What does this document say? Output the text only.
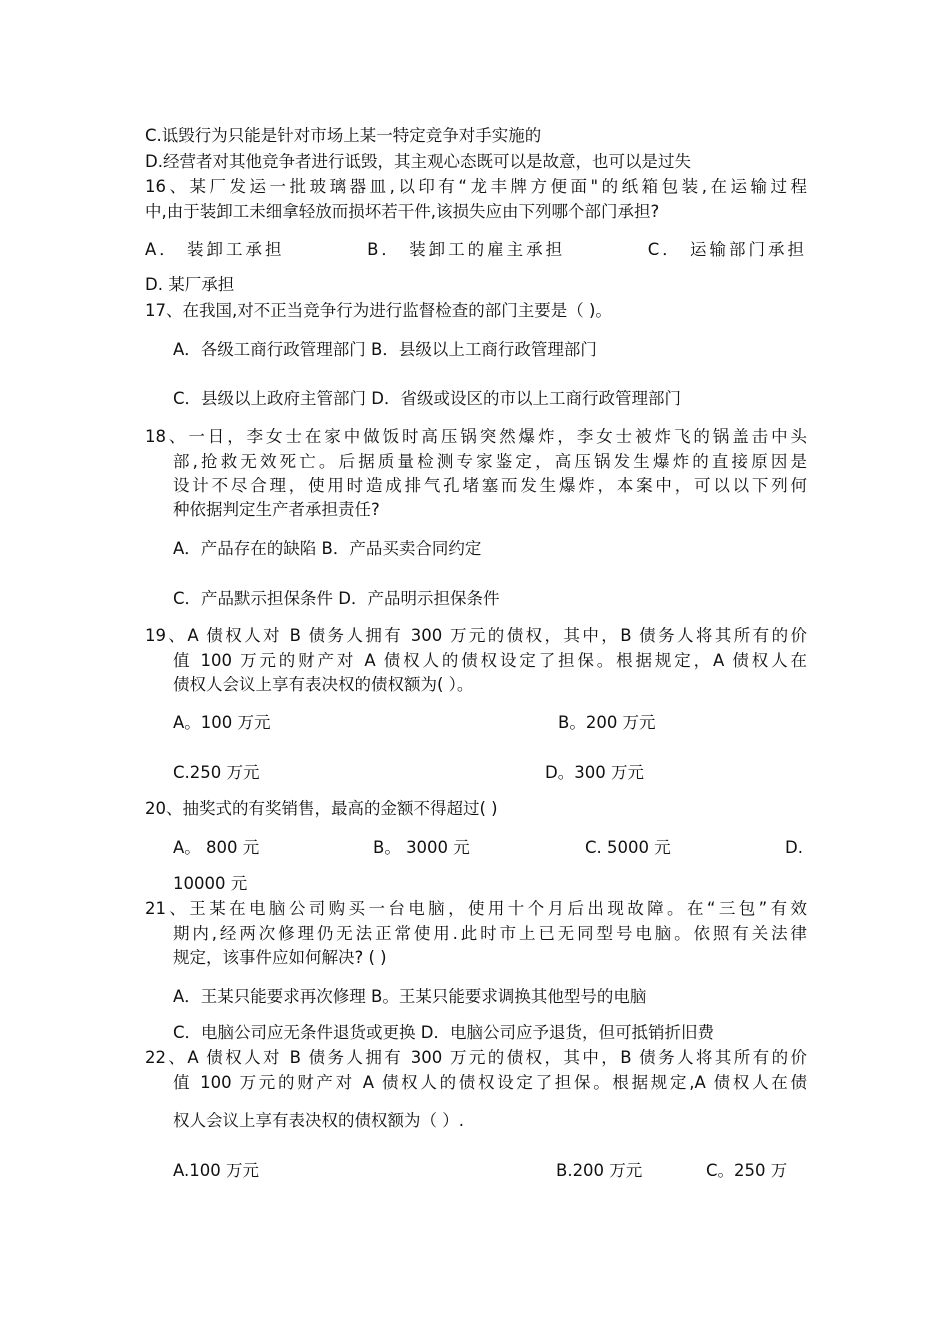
C.诋毁行为只能是针对市场上某一特定竞争对手实施的
D.经营者对其他竞争者进行诋毁，其主观心态既可以是故意，也可以是过失
16、某厂发运一批玻璃器皿,以印有“龙丰牌方便面"的纸箱包装,在运输过程
中,由于装卸工未细拿轻放而损坏若干件,该损失应由下列哪个部门承担?
A． 装卸工承担	B． 装卸工的雇主承担	C． 运输部门承担
D. 某厂承担
17、在我国,对不正当竞争行为进行监督检查的部门主要是（ )。
A．各级工商行政管理部门 B．县级以上工商行政管理部门
C．县级以上政府主管部门 D．省级或设区的市以上工商行政管理部门
18、一日，李女士在家中做饭时高压锅突然爆炸，李女士被炸飞的锅盖击中头
部,抢救无效死亡。后据质量检测专家鉴定，高压锅发生爆炸的直接原因是
设计不尽合理，使用时造成排气孔堵塞而发生爆炸，本案中，可以以下列何
种依据判定生产者承担责任?
A．产品存在的缺陷 B．产品买卖合同约定
C．产品默示担保条件 D．产品明示担保条件
19、A 债权人对 B 债务人拥有 300 万元的债权，其中，B 债务人将其所有的价
值 100 万元的财产对 A 债权人的债权设定了担保。根据规定，A 债权人在
债权人会议上享有表决权的债权额为( ）。
A。100 万元	B。200 万元
C.250 万元	D。300 万元
20、抽奖式的有奖销售，最高的金额不得超过( )
A。 800 元	B。 3000 元	C. 5000 元	D.
10000 元
21、王某在电脑公司购买一台电脑，使用十个月后出现故障。在“三包”有效
期内,经两次修理仍无法正常使用.此时市上已无同型号电脑。依照有关法律
规定，该事件应如何解决? ( )
A．王某只能要求再次修理 B。王某只能要求调换其他型号的电脑
C．电脑公司应无条件退货或更换 D．电脑公司应予退货，但可抵销折旧费
22、A 债权人对 B 债务人拥有 300 万元的债权，其中，B 债务人将其所有的价
值 100 万元的财产对 A 债权人的债权设定了担保。根据规定,A 债权人在债
权人会议上享有表决权的债权额为（ ）.
A.100 万元	B.200 万元	C。250 万
